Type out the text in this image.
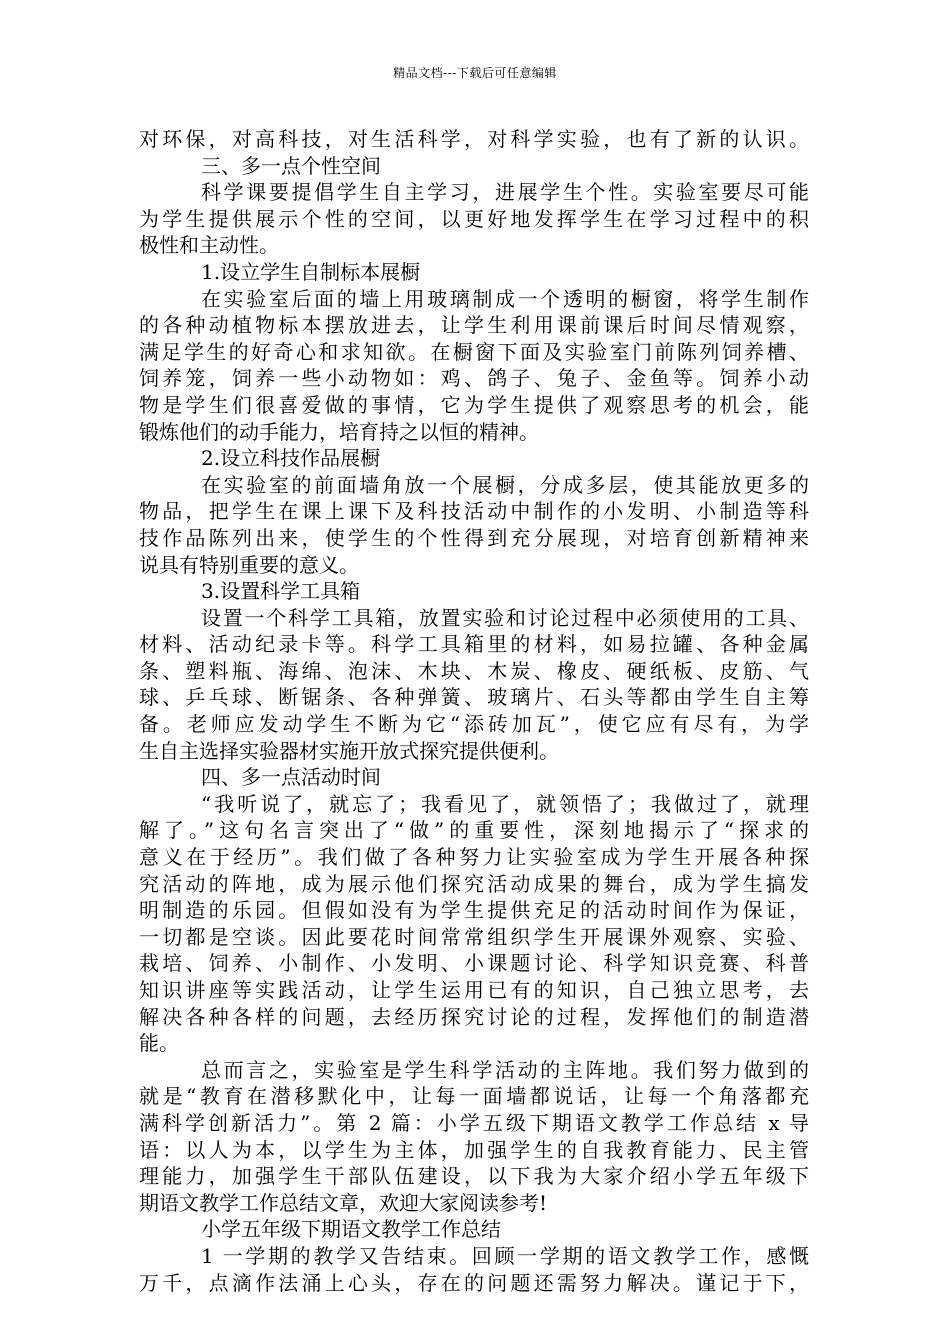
精品文档---下载后可任意编辑
对环保，对高科技，对生活科学，对科学实验，也有了新的认识。
三、多一点个性空间
科学课要提倡学生自主学习，进展学生个性。实验室要尽可能
为学生提供展示个性的空间，以更好地发挥学生在学习过程中的积
极性和主动性。
1.设立学生自制标本展橱
在实验室后面的墙上用玻璃制成一个透明的橱窗，将学生制作
的各种动植物标本摆放进去，让学生利用课前课后时间尽情观察，
满足学生的好奇心和求知欲。在橱窗下面及实验室门前陈列饲养槽、
饲养笼，饲养一些小动物如：鸡、鸽子、兔子、金鱼等。饲养小动
物是学生们很喜爱做的事情，它为学生提供了观察思考的机会，能
锻炼他们的动手能力，培育持之以恒的精神。
2.设立科技作品展橱
在实验室的前面墙角放一个展橱，分成多层，使其能放更多的
物品，把学生在课上课下及科技活动中制作的小发明、小制造等科
技作品陈列出来，使学生的个性得到充分展现，对培育创新精神来
说具有特别重要的意义。
3.设置科学工具箱
设置一个科学工具箱，放置实验和讨论过程中必须使用的工具、
材料、活动纪录卡等。科学工具箱里的材料，如易拉罐、各种金属
条、塑料瓶、海绵、泡沫、木块、木炭、橡皮、硬纸板、皮筋、气
球、乒乓球、断锯条、各种弹簧、玻璃片、石头等都由学生自主筹
备。老师应发动学生不断为它“添砖加瓦”，使它应有尽有，为学
生自主选择实验器材实施开放式探究提供便利。
四、多一点活动时间
“我听说了，就忘了；我看见了，就领悟了；我做过了，就理
解了。”这句名言突出了“做”的重要性，深刻地揭示了“探求的
意义在于经历”。我们做了各种努力让实验室成为学生开展各种探
究活动的阵地，成为展示他们探究活动成果的舞台，成为学生搞发
明制造的乐园。但假如没有为学生提供充足的活动时间作为保证，
一切都是空谈。因此要花时间常常组织学生开展课外观察、实验、
栽培、饲养、小制作、小发明、小课题讨论、科学知识竞赛、科普
知识讲座等实践活动，让学生运用已有的知识，自己独立思考，去
解决各种各样的问题，去经历探究讨论的过程，发挥他们的制造潜
能。
总而言之，实验室是学生科学活动的主阵地。我们努力做到的
就是“教育在潜移默化中，让每一面墙都说话，让每一个角落都充
满科学创新活力”。第 2 篇：小学五级下期语文教学工作总结 x 导
语：以人为本，以学生为主体，加强学生的自我教育能力、民主管
理能力，加强学生干部队伍建设，以下我为大家介绍小学五年级下
期语文教学工作总结文章，欢迎大家阅读参考!
小学五年级下期语文教学工作总结
1 一学期的教学又告结束。回顾一学期的语文教学工作，感慨
万千，点滴作法涌上心头，存在的问题还需努力解决。谨记于下，
